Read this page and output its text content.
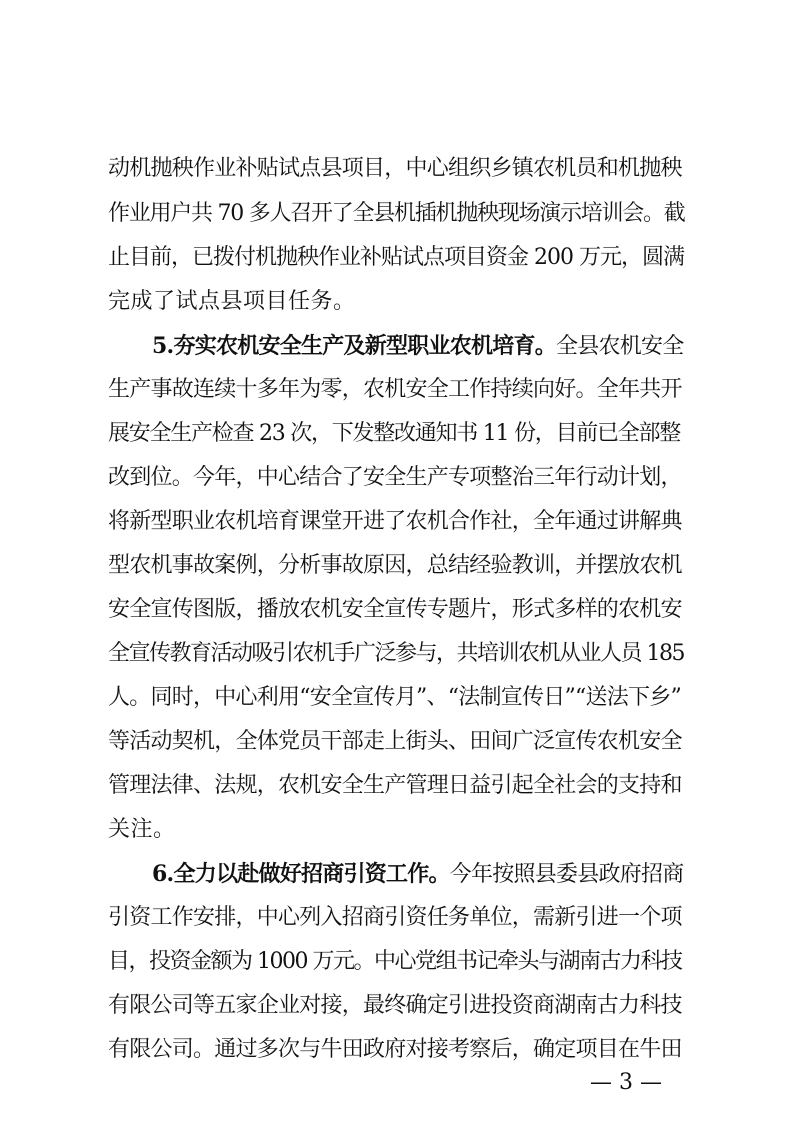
动机抛秧作业补贴试点县项目，中心组织乡镇农机员和机抛秧
作业用户共 70 多人召开了全县机插机抛秧现场演示培训会。截
止目前，已拨付机抛秧作业补贴试点项目资金 200 万元，圆满
完成了试点县项目任务。
5.夯实农机安全生产及新型职业农机培育。全县农机安全
生产事故连续十多年为零，农机安全工作持续向好。全年共开
展安全生产检查 23 次，下发整改通知书 11 份，目前已全部整
改到位。今年，中心结合了安全生产专项整治三年行动计划，
将新型职业农机培育课堂开进了农机合作社，全年通过讲解典
型农机事故案例，分析事故原因，总结经验教训，并摆放农机
安全宣传图版，播放农机安全宣传专题片，形式多样的农机安
全宣传教育活动吸引农机手广泛参与，共培训农机从业人员 185
人。同时，中心利用“安全宣传月”、“法制宣传日”“送法下乡”
等活动契机，全体党员干部走上街头、田间广泛宣传农机安全
管理法律、法规，农机安全生产管理日益引起全社会的支持和
关注。
6.全力以赴做好招商引资工作。今年按照县委县政府招商
引资工作安排，中心列入招商引资任务单位，需新引进一个项
目，投资金额为 1000 万元。中心党组书记牵头与湖南古力科技
有限公司等五家企业对接，最终确定引进投资商湖南古力科技
有限公司。通过多次与牛田政府对接考察后，确定项目在牛田
— 3 —
